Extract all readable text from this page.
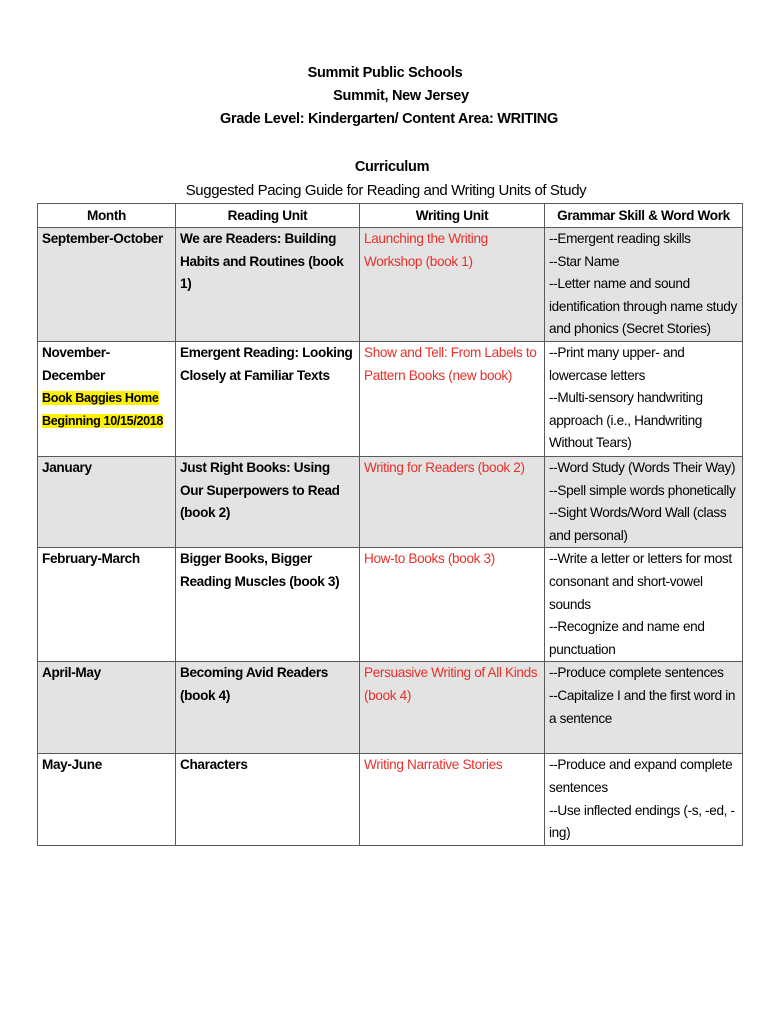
Summit Public Schools
Summit, New Jersey
Grade Level: Kindergarten/ Content Area: WRITING
Curriculum
Suggested Pacing Guide for Reading and Writing Units of Study
Month	Reading Unit	Writing Unit	Grammar Skill & Word Work
September-October	We are Readers: Building Habits and Routines (book 1)	Launching the Writing Workshop (book 1)	--Emergent reading skills
--Star Name
--Letter name and sound identification through name study and phonics (Secret Stories)

November-December
Book Baggies Home
Beginning 10/15/2018	Emergent Reading: Looking Closely at Familiar Texts	Show and Tell: From Labels to Pattern Books (new book)	--Print many upper- and lowercase letters
--Multi-sensory handwriting approach (i.e., Handwriting Without Tears)

January	Just Right Books: Using Our Superpowers to Read (book 2)	Writing for Readers (book 2)	--Word Study (Words Their Way)
--Spell simple words phonetically
--Sight Words/Word Wall (class and personal)

February-March	Bigger Books, Bigger Reading Muscles (book 3)	How-to Books (book 3)	--Write a letter or letters for most consonant and short-vowel sounds
--Recognize and name end punctuation

April-May	Becoming Avid Readers (book 4)	Persuasive Writing of All Kinds (book 4)	--Produce complete sentences
--Capitalize I and the first word in a sentence

May-June	Characters	Writing Narrative Stories	--Produce and expand complete sentences
--Use inflected endings (-s, -ed, -ing)
